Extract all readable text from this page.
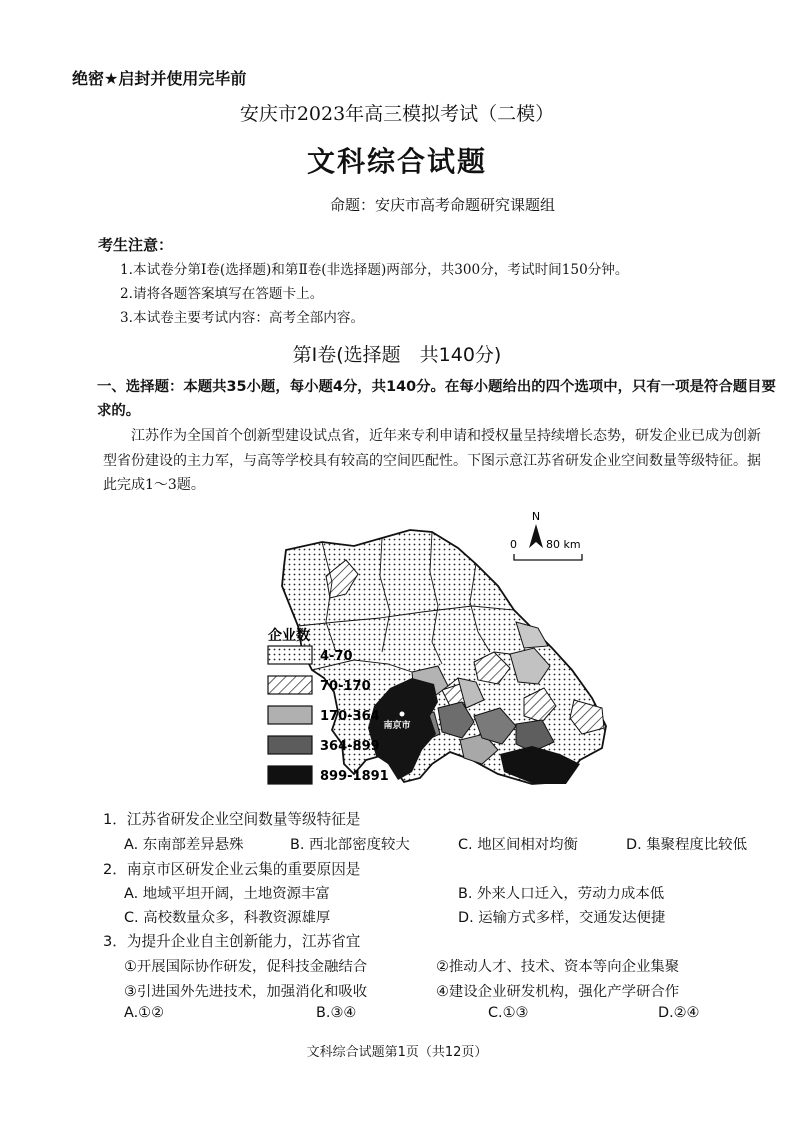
绝密★启封并使用完毕前
安庆市2023年高三模拟考试（二模）
文科综合试题
命题：安庆市高考命题研究课题组
考生注意：
1.本试卷分第Ⅰ卷(选择题)和第Ⅱ卷(非选择题)两部分，共300分，考试时间150分钟。
2.请将各题答案填写在答题卡上。
3.本试卷主要考试内容：高考全部内容。
第Ⅰ卷(选择题　共140分)
一、选择题：本题共35小题，每小题4分，共140分。在每小题给出的四个选项中，只有一项是符合题目要求的。
江苏作为全国首个创新型建设试点省，近年来专利申请和授权量呈持续增长态势，研发企业已成为创新型省份建设的主力军，与高等学校具有较高的空间匹配性。下图示意江苏省研发企业空间数量等级特征。据此完成1～3题。
南京市
企业数
4-70
70-170
170-364
364-899
899-1891
N
0	80 km
1．江苏省研发企业空间数量等级特征是
A. 东南部差异悬殊	B. 西北部密度较大	C. 地区间相对均衡	D. 集聚程度比较低
2．南京市区研发企业云集的重要原因是
A. 地域平坦开阔，土地资源丰富	B. 外来人口迁入，劳动力成本低
C. 高校数量众多，科教资源雄厚	D. 运输方式多样，交通发达便捷
3．为提升企业自主创新能力，江苏省宜
①开展国际协作研发，促科技金融结合	②推动人才、技术、资本等向企业集聚
③引进国外先进技术，加强消化和吸收	④建设企业研发机构，强化产学研合作
A.①②	B.③④	C.①③	D.②④
文科综合试题第1页（共12页）
